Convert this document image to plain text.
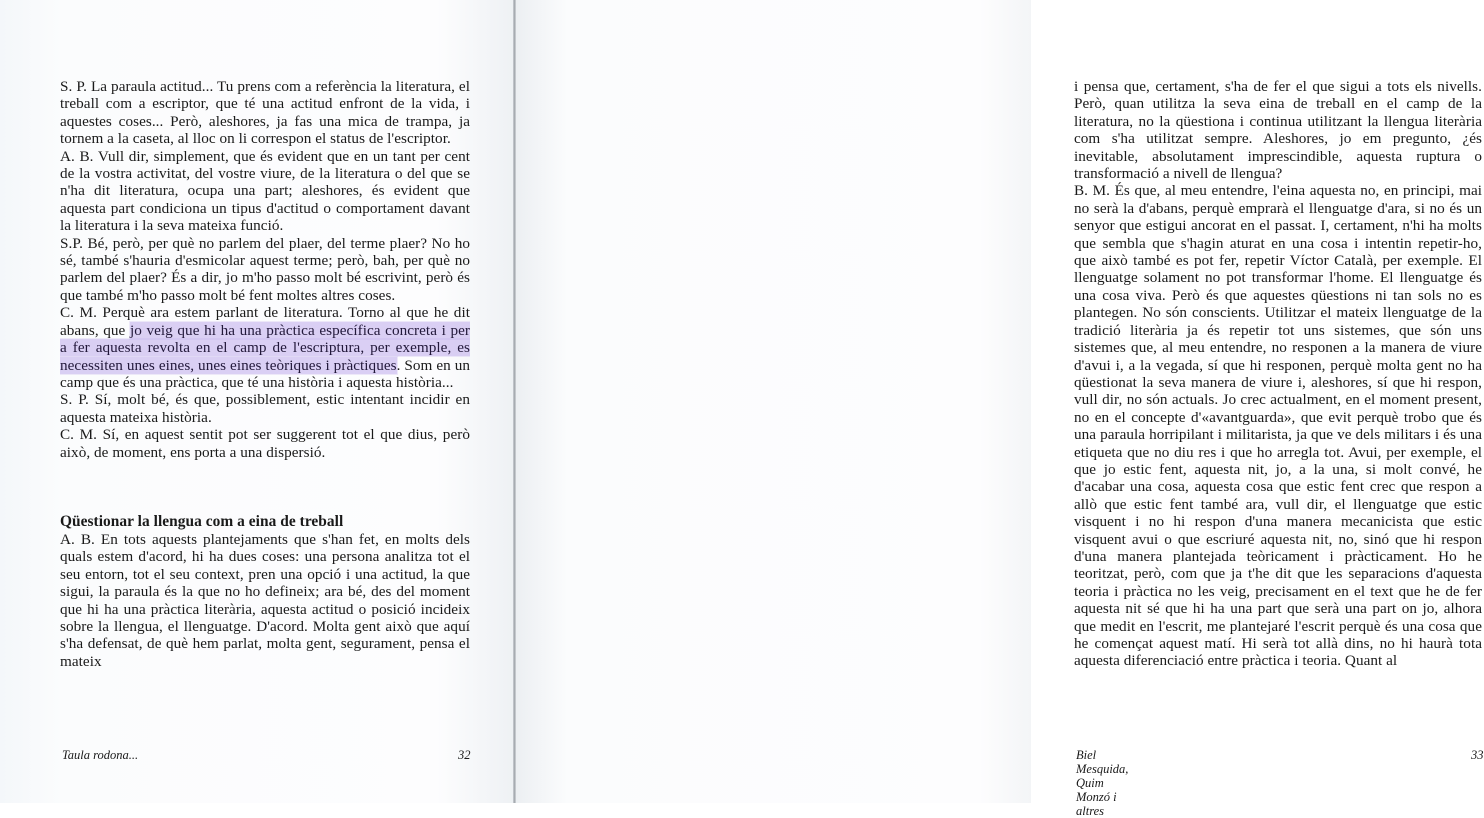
S. P. La paraula actitud... Tu prens com a referència la literatura, el treball com a escriptor, que té una actitud enfront de la vida, i aquestes coses... Però, aleshores, ja fas una mica de trampa, ja tornem a la caseta, al lloc on li correspon el status de l'escriptor.

A. B. Vull dir, simplement, que és evident que en un tant per cent de la vostra activitat, del vostre viure, de la literatura o del que se n'ha dit literatura, ocupa una part; aleshores, és evident que aquesta part condiciona un tipus d'actitud o comportament davant la literatura i la seva mateixa funció.

S.P. Bé, però, per què no parlem del plaer, del terme plaer? No ho sé, també s'hauria d'esmicolar aquest terme; però, bah, per què no parlem del plaer? És a dir, jo m'ho passo molt bé escrivint, però és que també m'ho passo molt bé fent moltes altres coses.

C. M. Perquè ara estem parlant de literatura. Torno al que he dit abans, que jo veig que hi ha una pràctica específica concreta i per a fer aquesta revolta en el camp de l'escriptura, per exemple, es necessiten unes eines, unes eines teòriques i pràctiques. Som en un camp que és una pràctica, que té una història i aquesta història...

S. P. Sí, molt bé, és que, possiblement, estic intentant incidir en aquesta mateixa història.

C. M. Sí, en aquest sentit pot ser suggerent tot el que dius, però això, de moment, ens porta a una dispersió.

Qüestionar la llengua com a eina de treball

A. B. En tots aquests plantejaments que s'han fet, en molts dels quals estem d'acord, hi ha dues coses: una persona analitza tot el seu entorn, tot el seu context, pren una opció i una actitud, la que sigui, la paraula és la que no ho defineix; ara bé, des del moment que hi ha una pràctica literària, aquesta actitud o posició incideix sobre la llengua, el llenguatge. D'acord. Molta gent això que aquí s'ha defensat, de què hem parlat, molta gent, segurament, pensa el mateix

Taula rodona...	32

i pensa que, certament, s'ha de fer el que sigui a tots els nivells. Però, quan utilitza la seva eina de treball en el camp de la literatura, no la qüestiona i continua utilitzant la llengua literària com s'ha utilitzat sempre. Aleshores, jo em pregunto, ¿és inevitable, absolutament imprescindible, aquesta ruptura o transformació a nivell de llengua?

B. M. És que, al meu entendre, l'eina aquesta no, en principi, mai no serà la d'abans, perquè emprarà el llenguatge d'ara, si no és un senyor que estigui ancorat en el passat. I, certament, n'hi ha molts que sembla que s'hagin aturat en una cosa i intentin repetir-ho, que això també es pot fer, repetir Víctor Català, per exemple. El llenguatge solament no pot transformar l'home. El llenguatge és una cosa viva. Però és que aquestes qüestions ni tan sols no es plantegen. No són conscients. Utilitzar el mateix llenguatge de la tradició literària ja és repetir tot uns sistemes, que són uns sistemes que, al meu entendre, no responen a la manera de viure d'avui i, a la vegada, sí que hi responen, perquè molta gent no ha qüestionat la seva manera de viure i, aleshores, sí que hi respon, vull dir, no són actuals. Jo crec actualment, en el moment present, no en el concepte d'«avantguarda», que evit perquè trobo que és una paraula horripilant i militarista, ja que ve dels militars i és una etiqueta que no diu res i que ho arregla tot. Avui, per exemple, el que jo estic fent, aquesta nit, jo, a la una, si molt convé, he d'acabar una cosa, aquesta cosa que estic fent crec que respon a allò que estic fent també ara, vull dir, el llenguatge que estic visquent i no hi respon d'una manera mecanicista que estic visquent avui o que escriuré aquesta nit, no, sinó que hi respon d'una manera plantejada teòricament i pràcticament. Ho he teoritzat, però, com que ja t'he dit que les separacions d'aquesta teoria i pràctica no les veig, precisament en el text que he de fer aquesta nit sé que hi ha una part que serà una part on jo, alhora que medit en l'escrit, me plantejaré l'escrit perquè és una cosa que he començat aquest matí. Hi serà tot allà dins, no hi haurà tota aquesta diferenciació entre pràctica i teoria. Quant al

Biel Mesquida, Quim Monzó i altres
33
